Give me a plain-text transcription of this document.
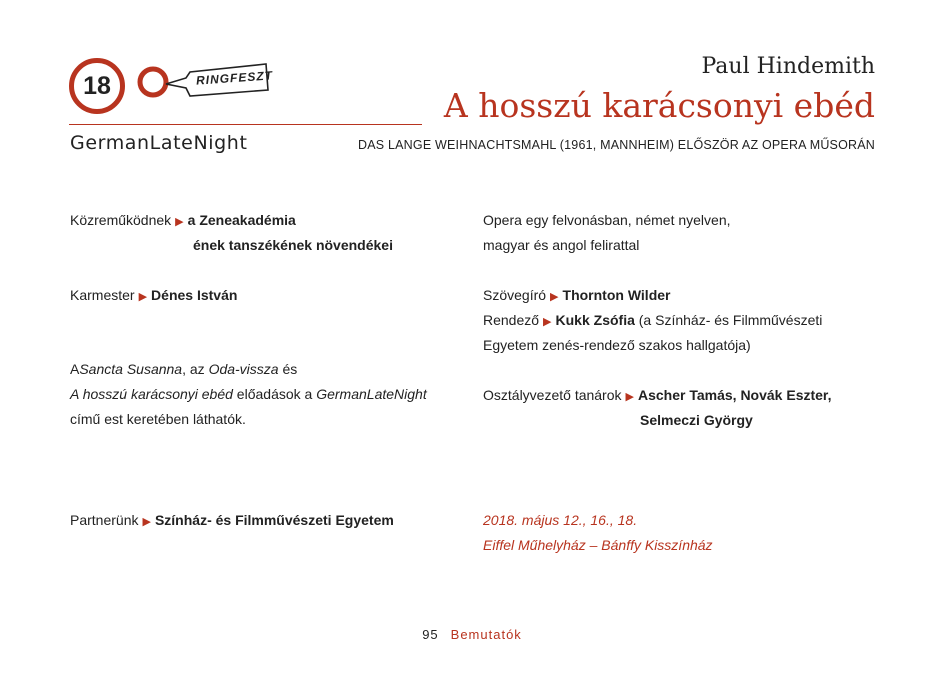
18	RINGFESZT
GermanLateNight
Paul Hindemith
A hosszú karácsonyi ebéd
DAS LANGE WEIHNACHTSMAHL (1961, MANNHEIM) ELŐSZÖR AZ OPERA MŰSORÁN
Közreműködnek ▶ a Zeneakadémia
ének tanszékének növendékei
Karmester ▶ Dénes István
ASancta Susanna, az Oda-vissza és
A hosszú karácsonyi ebéd előadások a GermanLateNight
című est keretében láthatók.
Partnerünk ▶ Színház- és Filmművészeti Egyetem
Opera egy felvonásban, német nyelven,
magyar és angol felirattal
Szövegíró ▶ Thornton Wilder
Rendező ▶ Kukk Zsófia (a Színház- és Filmművészeti
Egyetem zenés-rendező szakos hallgatója)
Osztályvezető tanárok ▶ Ascher Tamás, Novák Eszter,
Selmeczi György
2018. május 12., 16., 18.
Eiffel Műhelyház – Bánffy Kisszínház
95 Bemutatók
